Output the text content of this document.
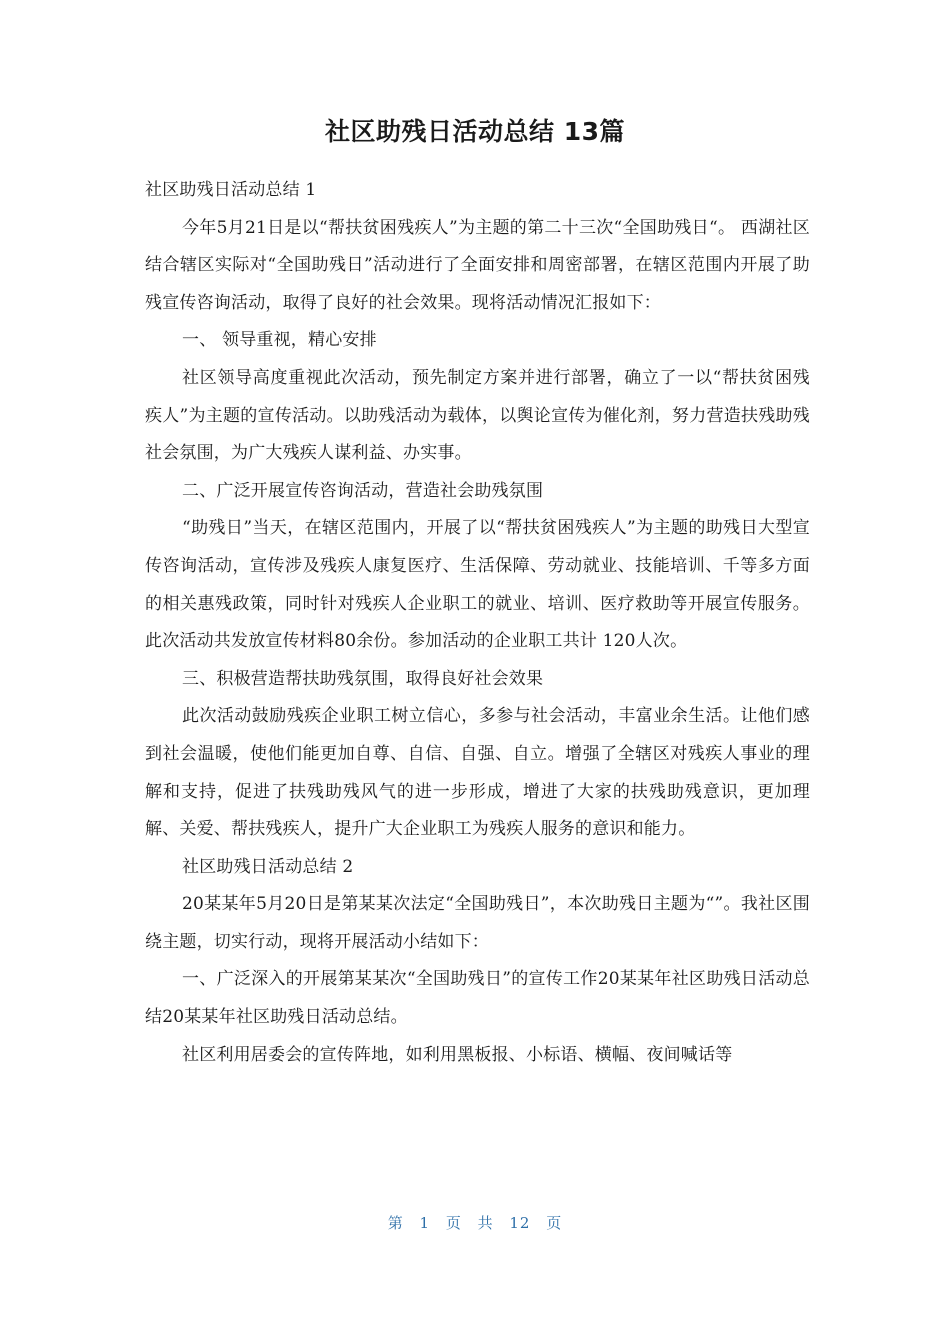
社区助残日活动总结 13篇

社区助残日活动总结 1

今年5月21日是以“帮扶贫困残疾人”为主题的第二十三次“全国助残日“。 西湖社区结合辖区实际对“全国助残日”活动进行了全面安排和周密部署，在辖区范围内开展了助残宣传咨询活动，取得了良好的社会效果。现将活动情况汇报如下：

一、 领导重视，精心安排

社区领导高度重视此次活动，预先制定方案并进行部署，确立了一以“帮扶贫困残疾人”为主题的宣传活动。以助残活动为载体，以舆论宣传为催化剂，努力营造扶残助残社会氛围，为广大残疾人谋利益、办实事。

二、广泛开展宣传咨询活动，营造社会助残氛围

“助残日”当天，在辖区范围内，开展了以“帮扶贫困残疾人”为主题的助残日大型宣传咨询活动，宣传涉及残疾人康复医疗、生活保障、劳动就业、技能培训、千等多方面的相关惠残政策，同时针对残疾人企业职工的就业、培训、医疗救助等开展宣传服务。此次活动共发放宣传材料80余份。参加活动的企业职工共计 120人次。

三、积极营造帮扶助残氛围，取得良好社会效果

此次活动鼓励残疾企业职工树立信心，多参与社会活动，丰富业余生活。让他们感到社会温暖，使他们能更加自尊、自信、自强、自立。增强了全辖区对残疾人事业的理解和支持，促进了扶残助残风气的进一步形成，增进了大家的扶残助残意识，更加理解、关爱、帮扶残疾人，提升广大企业职工为残疾人服务的意识和能力。

社区助残日活动总结 2

20某某年5月20日是第某某次法定“全国助残日”，本次助残日主题为“”。我社区围绕主题，切实行动，现将开展活动小结如下：

一、广泛深入的开展第某某次“全国助残日”的宣传工作20某某年社区助残日活动总结20某某年社区助残日活动总结。

社区利用居委会的宣传阵地，如利用黑板报、小标语、横幅、夜间喊话等

第 1 页 共 12 页
